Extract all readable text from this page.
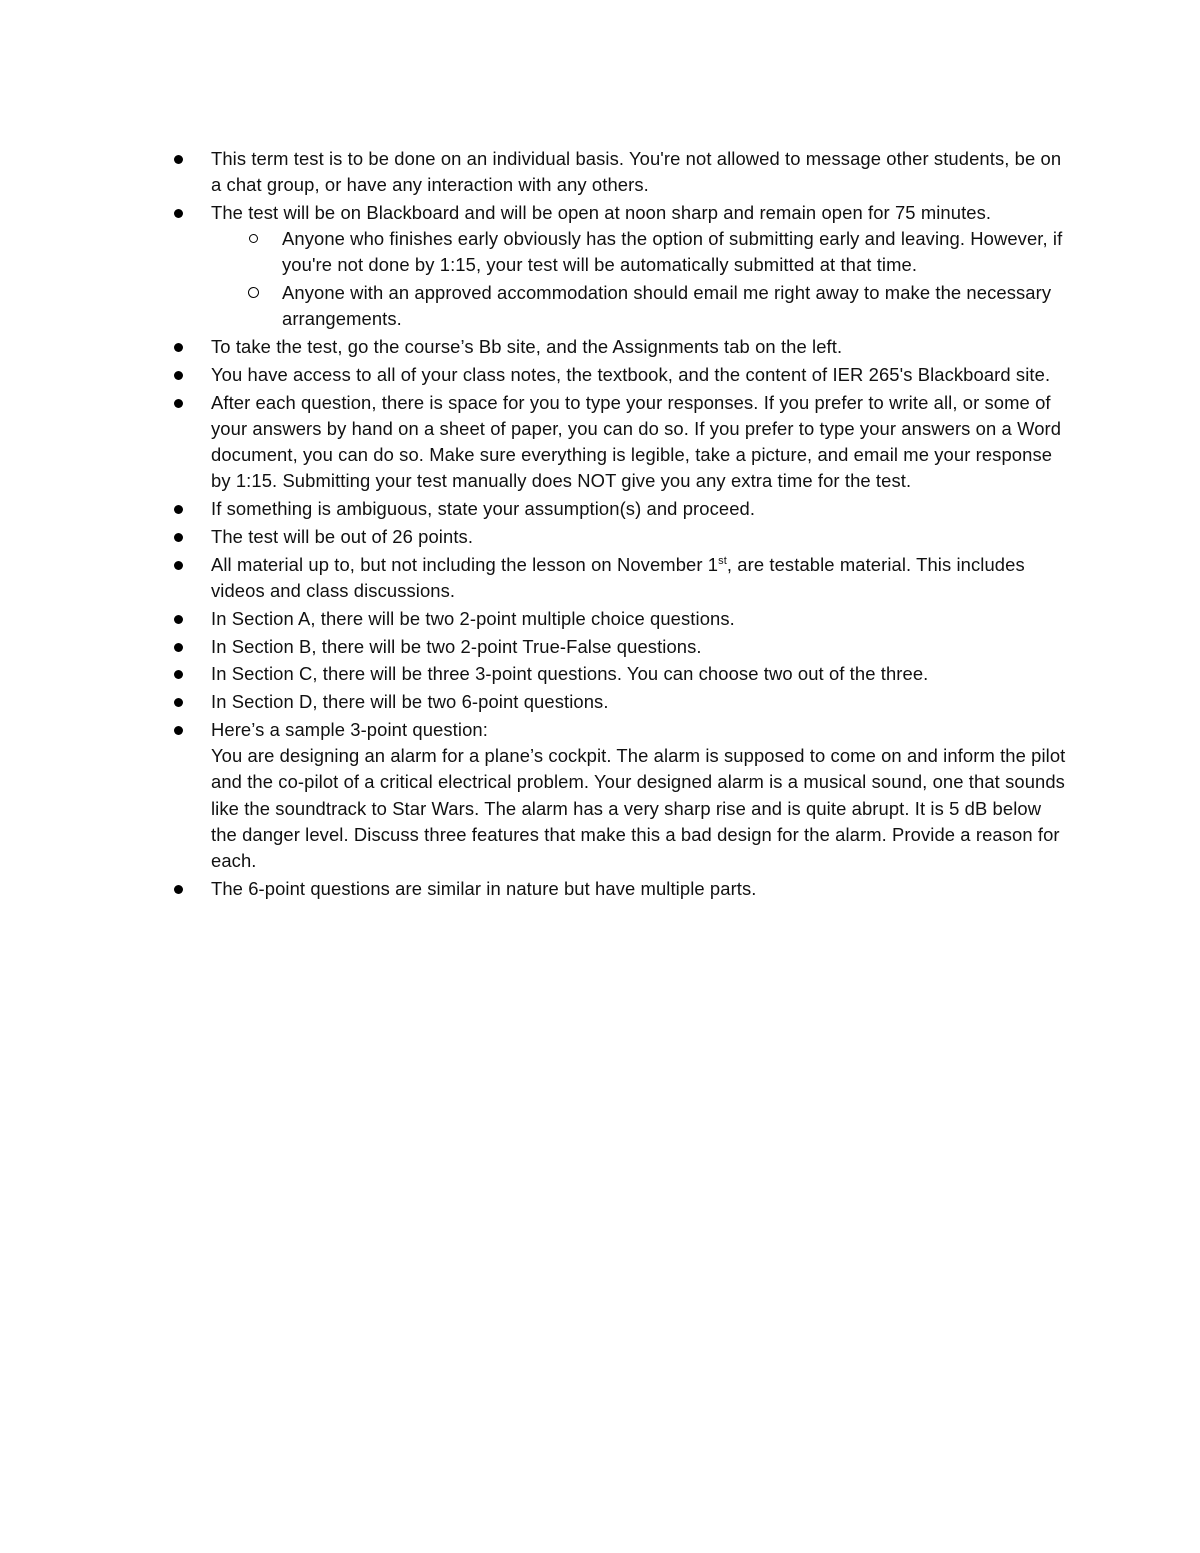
This term test is to be done on an individual basis. You're not allowed to message other students, be on a chat group, or have any interaction with any others.
The test will be on Blackboard and will be open at noon sharp and remain open for 75 minutes.
Anyone who finishes early obviously has the option of submitting early and leaving. However, if you're not done by 1:15, your test will be automatically submitted at that time.
Anyone with an approved accommodation should email me right away to make the necessary arrangements.
To take the test, go the course’s Bb site, and the Assignments tab on the left.
You have access to all of your class notes, the textbook, and the content of IER 265's Blackboard site.
After each question, there is space for you to type your responses. If you prefer to write all, or some of your answers by hand on a sheet of paper, you can do so. If you prefer to type your answers on a Word document, you can do so. Make sure everything is legible, take a picture, and email me your response by 1:15. Submitting your test manually does NOT give you any extra time for the test.
If something is ambiguous, state your assumption(s) and proceed.
The test will be out of 26 points.
All material up to, but not including the lesson on November 1st, are testable material. This includes videos and class discussions.
In Section A, there will be two 2-point multiple choice questions.
In Section B, there will be two 2-point True-False questions.
In Section C, there will be three 3-point questions. You can choose two out of the three.
In Section D, there will be two 6-point questions.
Here’s a sample 3-point question:
You are designing an alarm for a plane’s cockpit. The alarm is supposed to come on and inform the pilot and the co-pilot of a critical electrical problem. Your designed alarm is a musical sound, one that sounds like the soundtrack to Star Wars. The alarm has a very sharp rise and is quite abrupt. It is 5 dB below the danger level. Discuss three features that make this a bad design for the alarm. Provide a reason for each.
The 6-point questions are similar in nature but have multiple parts.
